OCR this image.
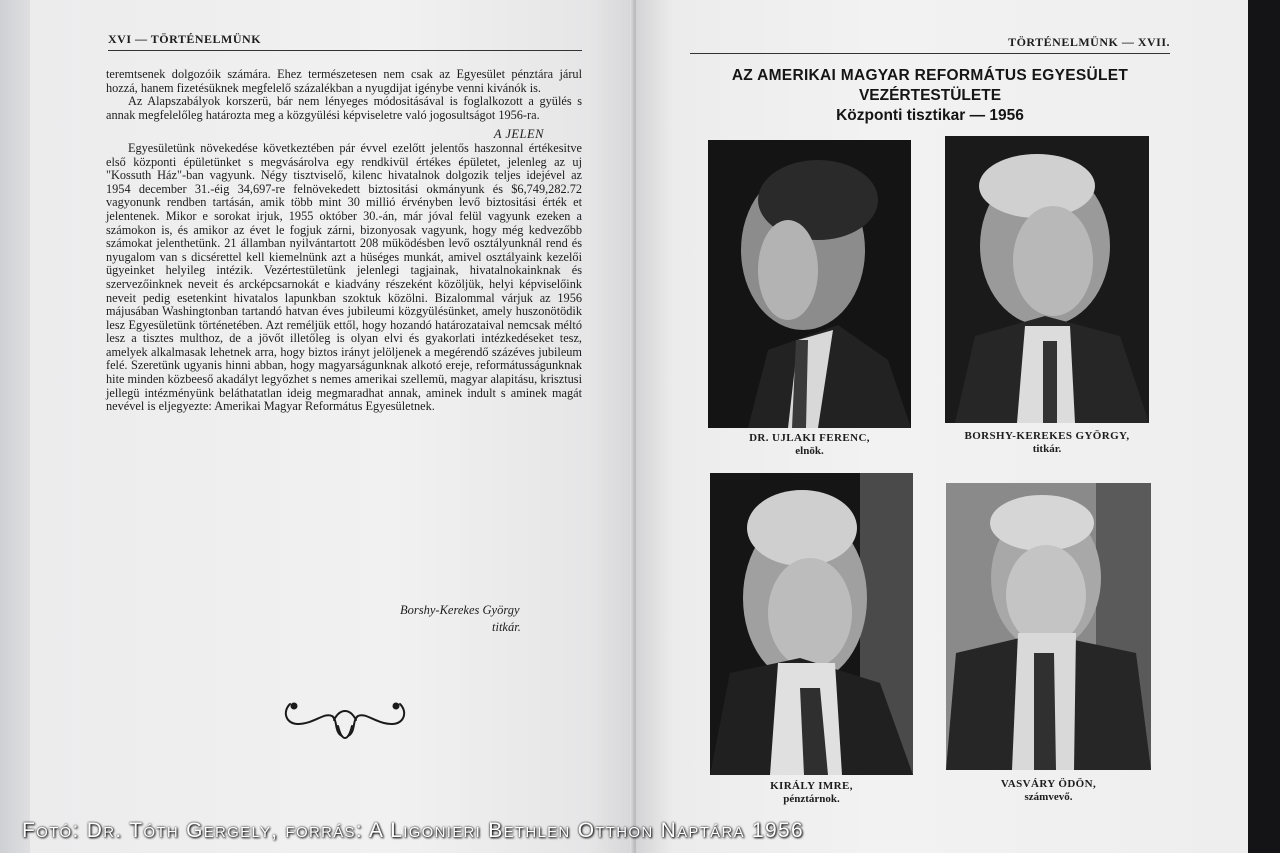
XVI — TÖRTÉNELMÜNK

teremtsenek dolgozóik számára. Ehez természetesen nem csak az Egyesület pénztára járul hozzá, hanem fizetésüknek megfelelő százalékban a nyugdijat igénybe venni kivánók is.

Az Alapszabályok korszerü, bár nem lényeges módositásával is foglalkozott a gyülés s annak megfelelőleg határozta meg a közgyülési képviseletre való jogosultságot 1956-ra.

A JELEN

Egyesületünk növekedése következtében pár évvel ezelőtt jelentős haszonnal értékesitve első központi épületünket s megvásárolva egy rendkivül értékes épületet, jelenleg az uj "Kossuth Ház"-ban vagyunk. Négy tisztviselő, kilenc hivatalnok dolgozik teljes idejével az 1954 december 31.-éig 34,697-re felnövekedett biztositási okmányunk és $6,749,282.72 vagyonunk rendben tartásán, amik több mint 30 millió érvényben levő biztositási érték et jelentenek. Mikor e sorokat irjuk, 1955 október 30.-án, már jóval felül vagyunk ezeken a számokon is, és amikor az évet le fogjuk zárni, bizonyosak vagyunk, hogy még kedvezőbb számokat jelenthetünk. 21 államban nyilvántartott 208 müködésben levő osztályunknál rend és nyugalom van s dicsérettel kell kiemelnünk azt a hüséges munkát, amivel osztályaink kezelői ügyeinket helyileg intézik. Vezértestületünk jelenlegi tagjainak, hivatalnokainknak és szervezőinknek neveit és arcképcsarnokát e kiadvány részeként közöljük, helyi képviselőink neveit pedig esetenkint hivatalos lapunkban szoktuk közölni. Bizalommal várjuk az 1956 májusában Washingtonban tartandó hatvan éves jubileumi közgyülésünket, amely huszonötödik lesz Egyesületünk történetében. Azt reméljük ettől, hogy hozandó határozataival nemcsak méltó lesz a tisztes multhoz, de a jövőt illetőleg is olyan elvi és gyakorlati intézkedéseket tesz, amelyek alkalmasak lehetnek arra, hogy biztos irányt jelöljenek a megérendő százéves jubileum felé. Szeretünk ugyanis hinni abban, hogy magyarságunknak alkotó ereje, reformátusságunknak hite minden közbeeső akadályt legyőzhet s nemes amerikai szellemü, magyar alapitásu, krisztusi jellegü intézményünk beláthatatlan ideig megmaradhat annak, aminek indult s aminek magát nevével is eljegyezte: Amerikai Magyar Református Egyesületnek.

Borshy-Kerekes György
titkár.
TÖRTÉNELMÜNK — XVII.
AZ AMERIKAI MAGYAR REFORMÁTUS EGYESÜLET
VEZÉRTESTÜLETE
Központi tisztikar — 1956
DR. UJLAKI FERENC,
elnök.
BORSHY-KEREKES GYÖRGY,
titkár.
KIRÁLY IMRE,
pénztárnok.
VASVÁRY ÖDÖN,
számvevő.
Fotó: Dr. Tóth Gergely, forrás: A Ligonieri Bethlen Otthon Naptára 1956
